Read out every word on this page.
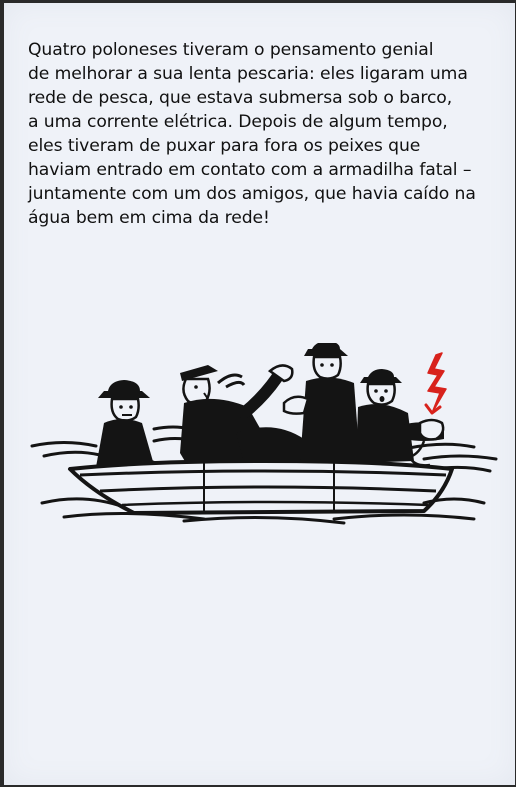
Quatro poloneses tiveram o pensamento genial
de melhorar a sua lenta pescaria: eles ligaram uma
rede de pesca, que estava submersa sob o barco,
a uma corrente elétrica. Depois de algum tempo,
eles tiveram de puxar para fora os peixes que
haviam entrado em contato com a armadilha fatal –
juntamente com um dos amigos, que havia caído na
água bem em cima da rede!
